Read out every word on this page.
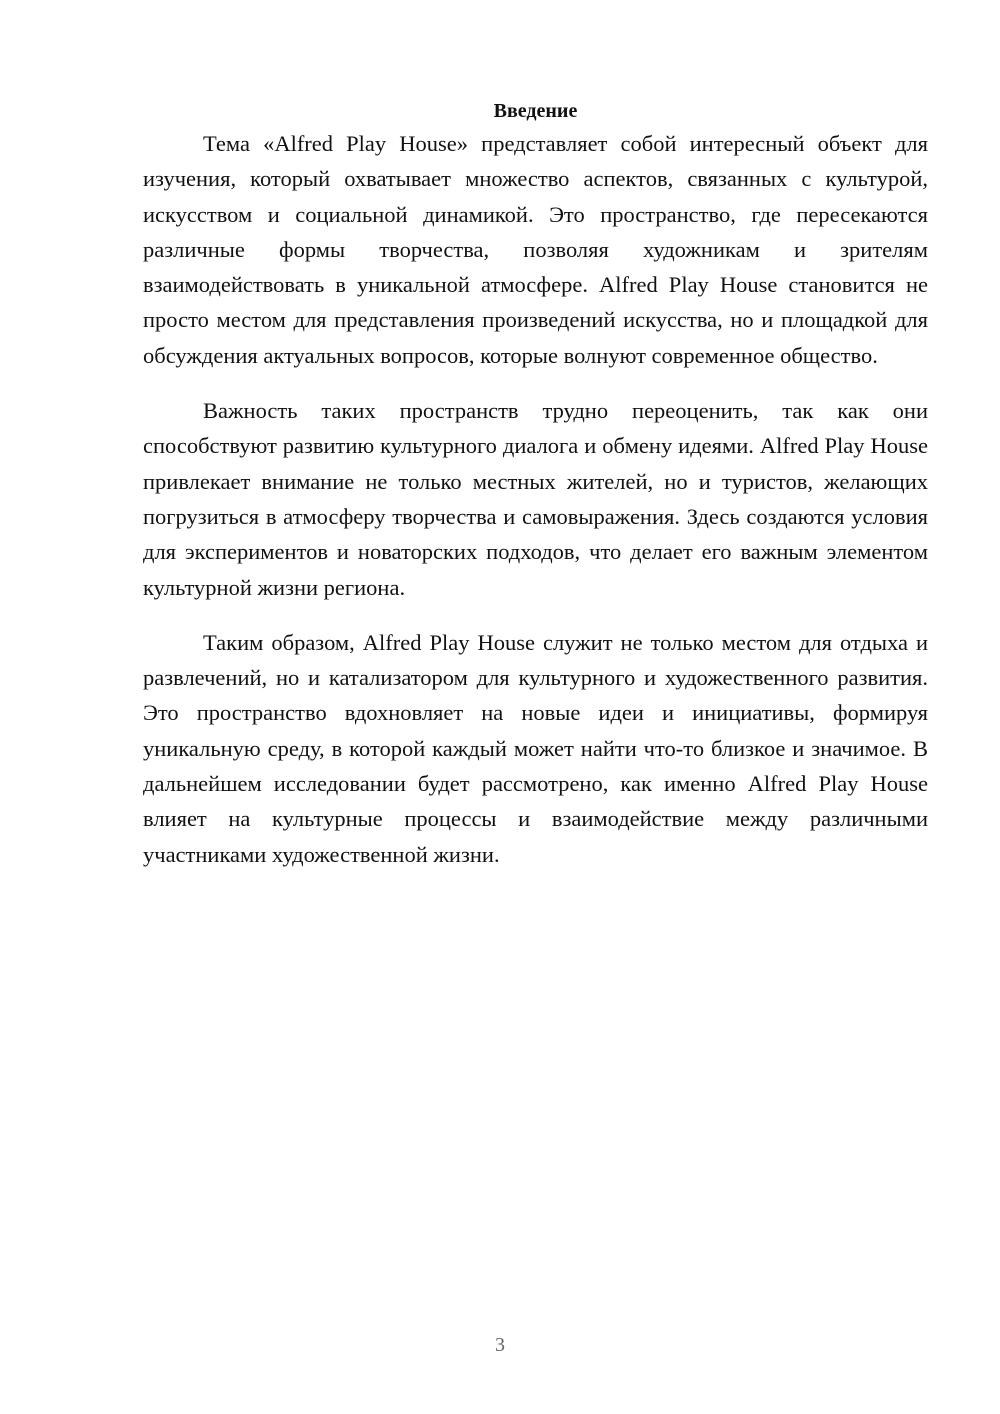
Введение

Тема «Alfred Play House» представляет собой интересный объект для изучения, который охватывает множество аспектов, связанных с культурой, искусством и социальной динамикой. Это пространство, где пересекаются различные формы творчества, позволяя художникам и зрителям взаимодействовать в уникальной атмосфере. Alfred Play House становится не просто местом для представления произведений искусства, но и площадкой для обсуждения актуальных вопросов, которые волнуют современное общество.

Важность таких пространств трудно переоценить, так как они способствуют развитию культурного диалога и обмену идеями. Alfred Play House привлекает внимание не только местных жителей, но и туристов, желающих погрузиться в атмосферу творчества и самовыражения. Здесь создаются условия для экспериментов и новаторских подходов, что делает его важным элементом культурной жизни региона.

Таким образом, Alfred Play House служит не только местом для отдыха и развлечений, но и катализатором для культурного и художественного развития. Это пространство вдохновляет на новые идеи и инициативы, формируя уникальную среду, в которой каждый может найти что-то близкое и значимое. В дальнейшем исследовании будет рассмотрено, как именно Alfred Play House влияет на культурные процессы и взаимодействие между различными участниками художественной жизни.

3
